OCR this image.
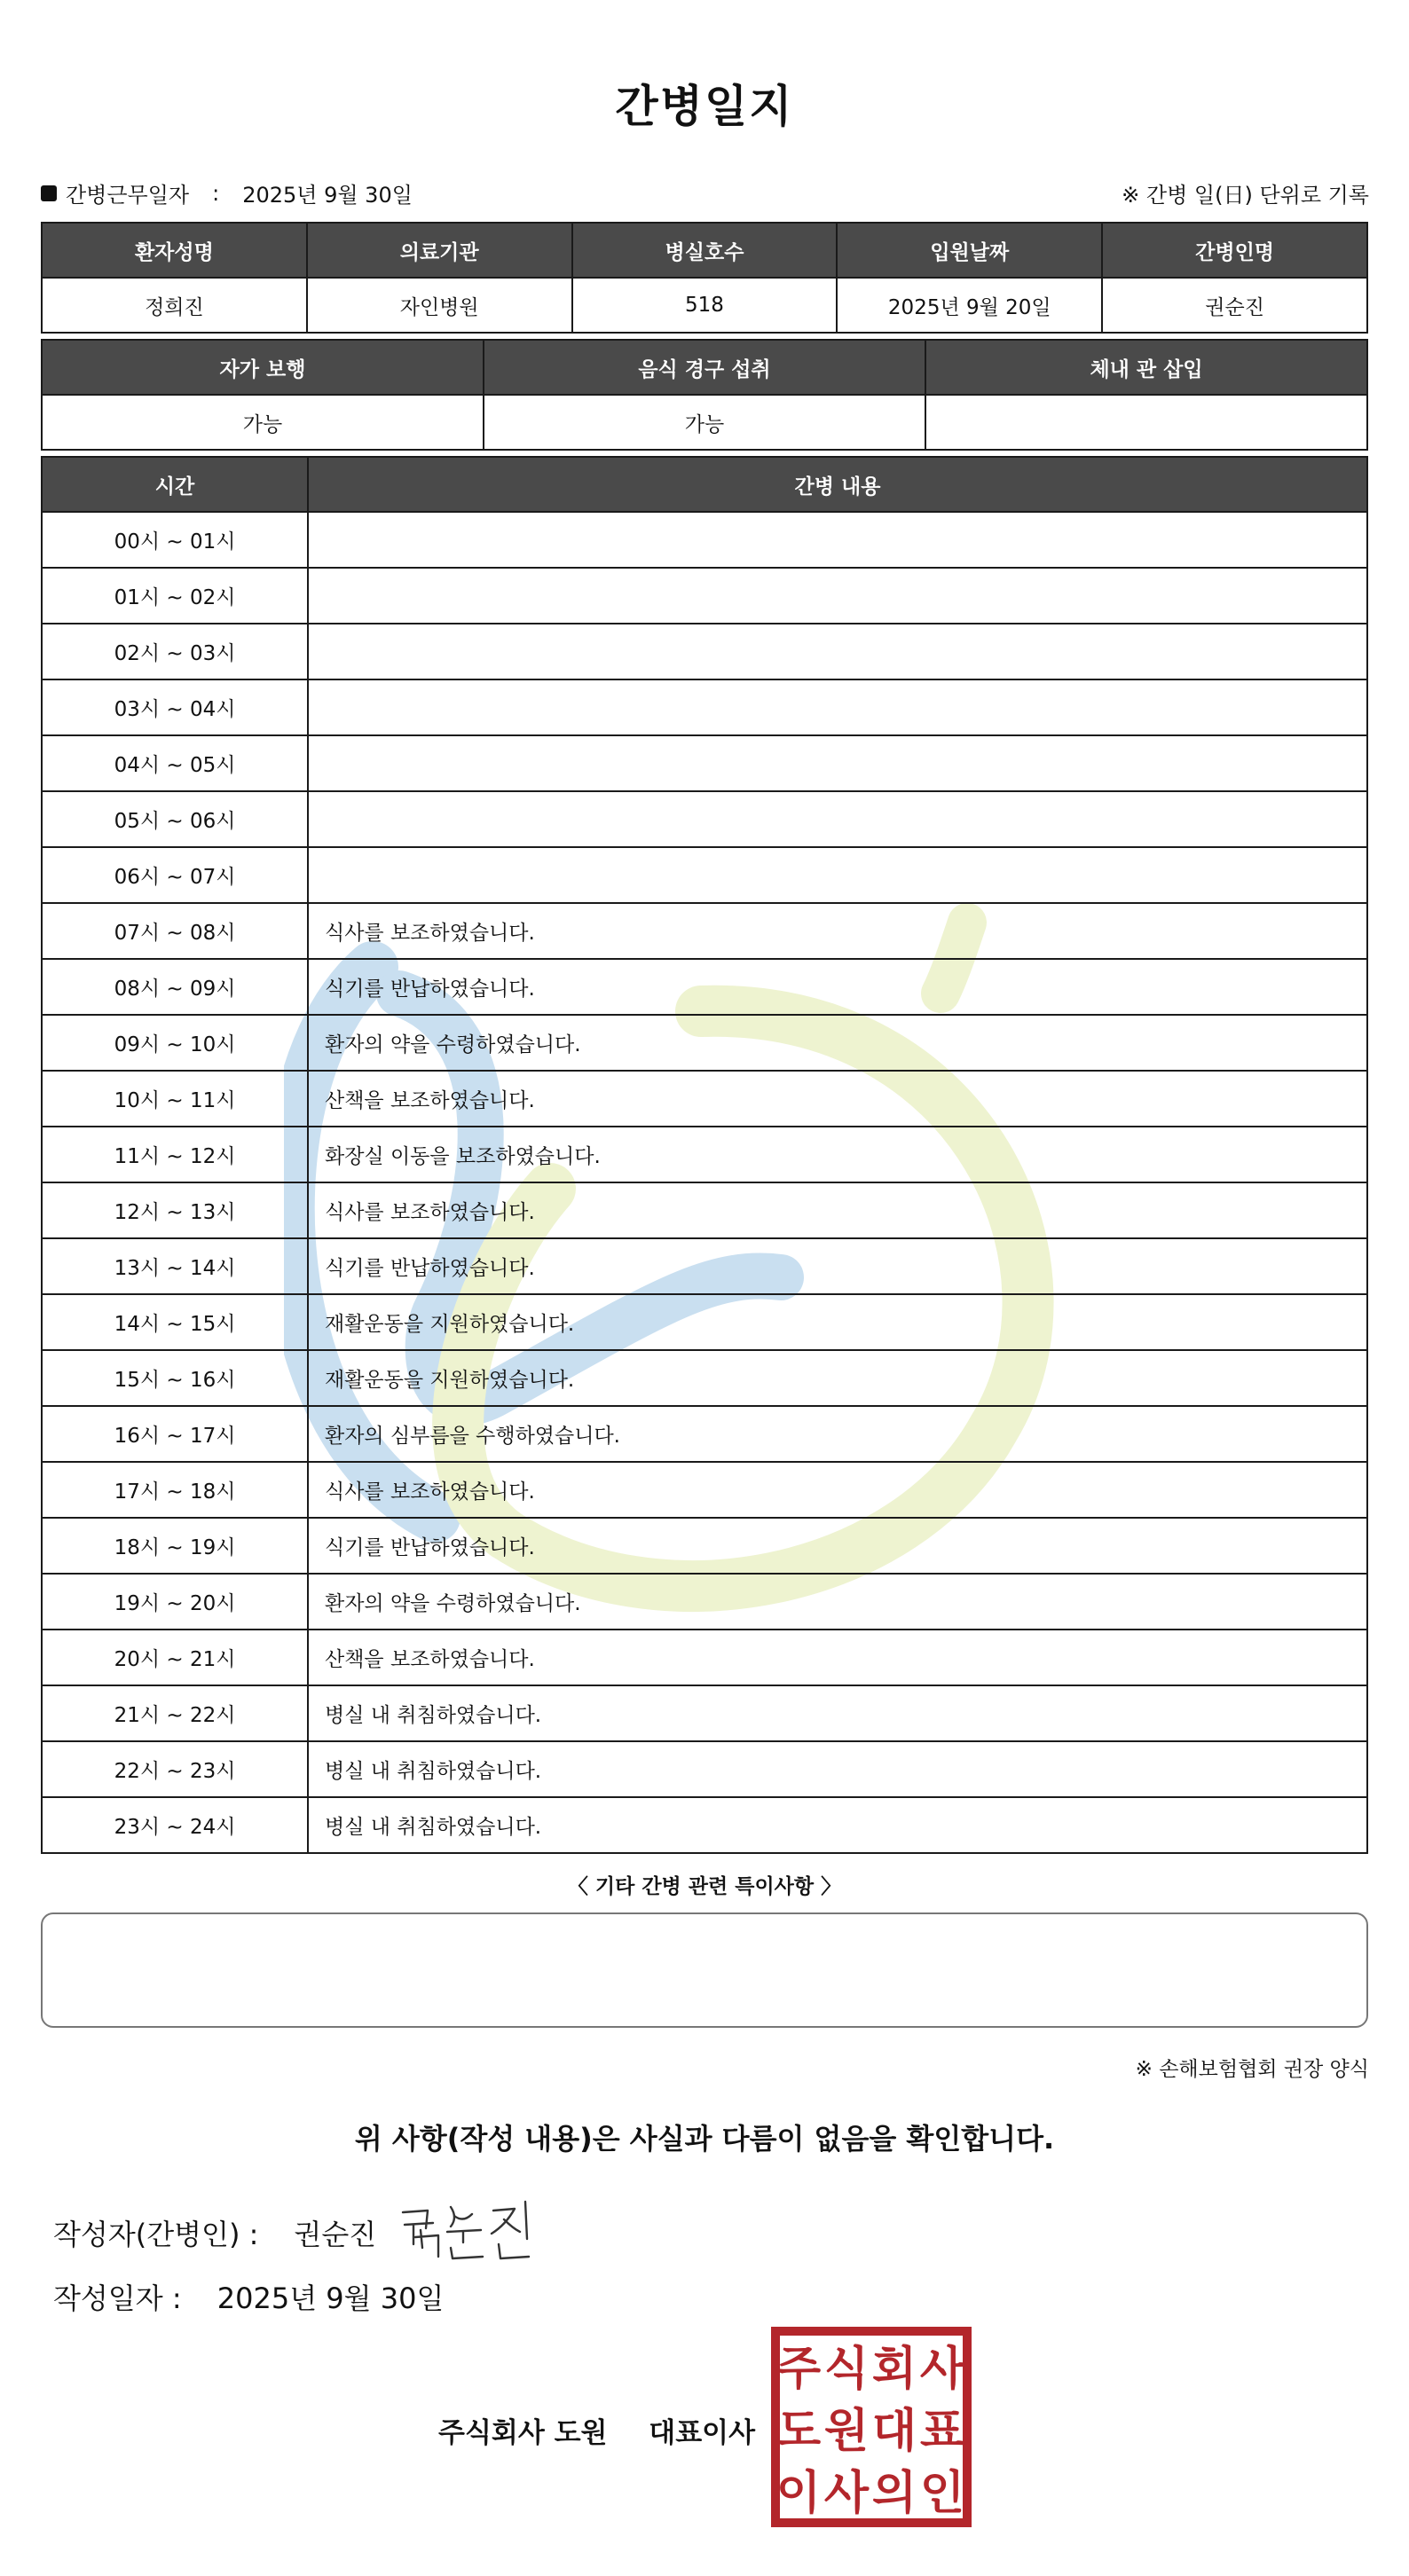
간병일지
간병근무일자 : 2025년 9월 30일	※ 간병 일(日) 단위로 기록
환자성명	의료기관	병실호수	입원날짜	간병인명
정희진	자인병원	518	2025년 9월 20일	권순진
자가 보행	음식 경구 섭취	체내 관 삽입
가능	가능	
시간	간병 내용
00시 ~ 01시	
01시 ~ 02시	
02시 ~ 03시	
03시 ~ 04시	
04시 ~ 05시	
05시 ~ 06시	
06시 ~ 07시	
07시 ~ 08시	식사를 보조하였습니다.
08시 ~ 09시	식기를 반납하였습니다.
09시 ~ 10시	환자의 약을 수령하였습니다.
10시 ~ 11시	산책을 보조하였습니다.
11시 ~ 12시	화장실 이동을 보조하였습니다.
12시 ~ 13시	식사를 보조하였습니다.
13시 ~ 14시	식기를 반납하였습니다.
14시 ~ 15시	재활운동을 지원하였습니다.
15시 ~ 16시	재활운동을 지원하였습니다.
16시 ~ 17시	환자의 심부름을 수행하였습니다.
17시 ~ 18시	식사를 보조하였습니다.
18시 ~ 19시	식기를 반납하였습니다.
19시 ~ 20시	환자의 약을 수령하였습니다.
20시 ~ 21시	산책을 보조하였습니다.
21시 ~ 22시	병실 내 취침하였습니다.
22시 ~ 23시	병실 내 취침하였습니다.
23시 ~ 24시	병실 내 취침하였습니다.
〈 기타 간병 관련 특이사항 〉
※ 손해보험협회 권장 양식
위 사항(작성 내용)은 사실과 다름이 없음을 확인합니다.
작성자(간병인) : 권순진
작성일자 : 2025년 9월 30일
주식회사 도원 대표이사
주 식 회 사
도 원 대 표
이 사 의 인
